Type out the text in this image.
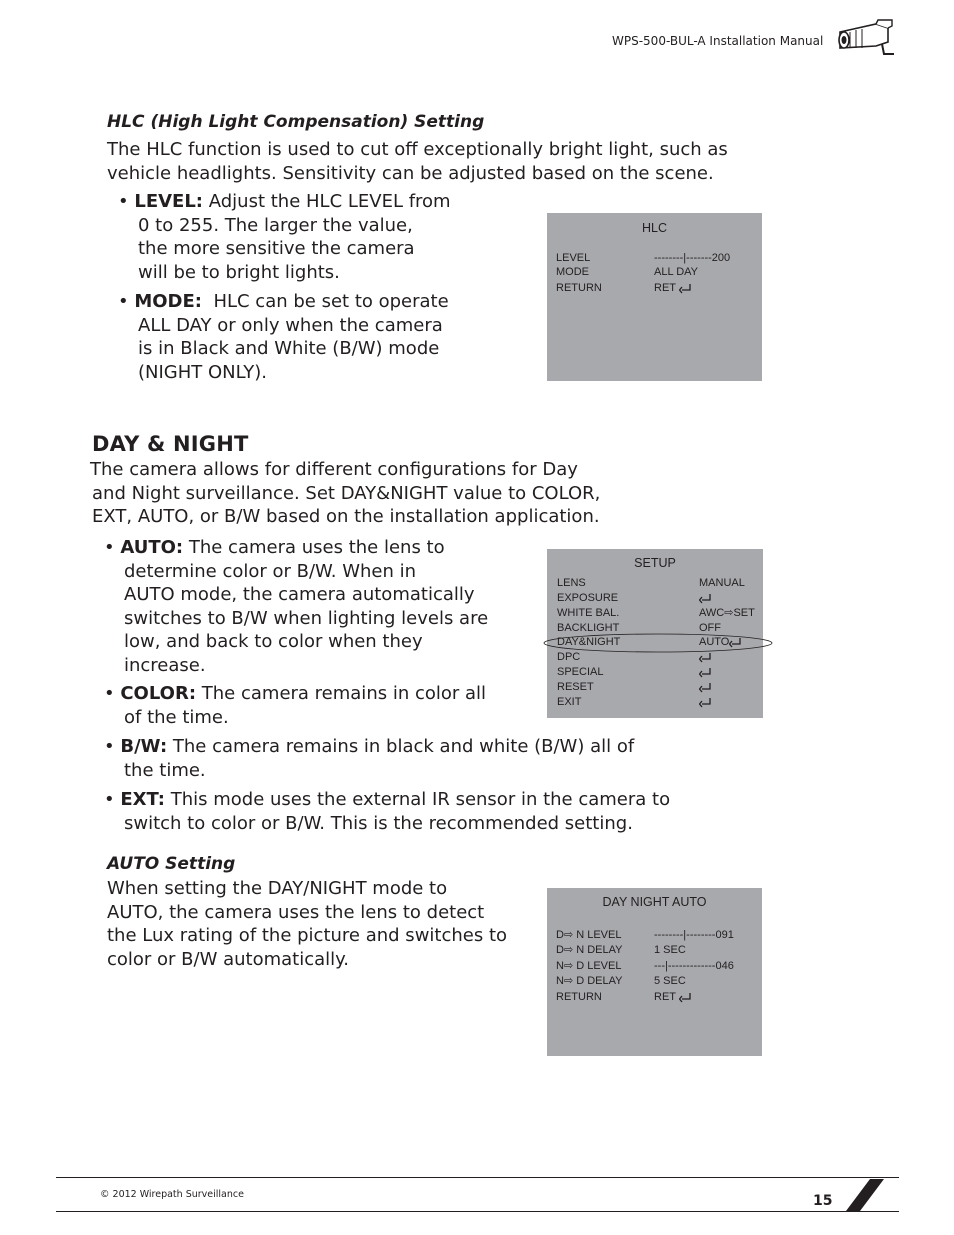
WPS-500-BUL-A Installation Manual
HLC (High Light Compensation) Setting
The HLC function is used to cut off exceptionally bright light, such as
vehicle headlights. Sensitivity can be adjusted based on the scene.
• LEVEL: Adjust the HLC LEVEL from
0 to 255. The larger the value,
the more sensitive the camera
will be to bright lights.
• MODE: HLC can be set to operate
ALL DAY or only when the camera
is in Black and White (B/W) mode
(NIGHT ONLY).
HLC
LEVEL	--------|-------200
MODE	ALL DAY
RETURN	RET
DAY & NIGHT
The camera allows for different configurations for Day
and Night surveillance. Set DAY&NIGHT value to COLOR,
EXT, AUTO, or B/W based on the installation application.
• AUTO: The camera uses the lens to
determine color or B/W. When in
AUTO mode, the camera automatically
switches to B/W when lighting levels are
low, and back to color when they
increase.
• COLOR: The camera remains in color all
of the time.
• B/W: The camera remains in black and white (B/W) all of
the time.
• EXT: This mode uses the external IR sensor in the camera to
switch to color or B/W. This is the recommended setting.
SETUP
LENS	MANUAL
EXPOSURE
WHITE BAL.	AWC⇨SET
BACKLIGHT	OFF
DAY&NIGHT	AUTO
DPC
SPECIAL
RESET
EXIT
AUTO Setting
When setting the DAY/NIGHT mode to
AUTO, the camera uses the lens to detect
the Lux rating of the picture and switches to
color or B/W automatically.
DAY NIGHT AUTO
D⇨ N LEVEL	--------|--------091
D⇨ N DELAY	1 SEC
N⇨ D LEVEL	---|-------------046
N⇨ D DELAY	5 SEC
RETURN	RET
© 2012 Wirepath Surveillance	15
